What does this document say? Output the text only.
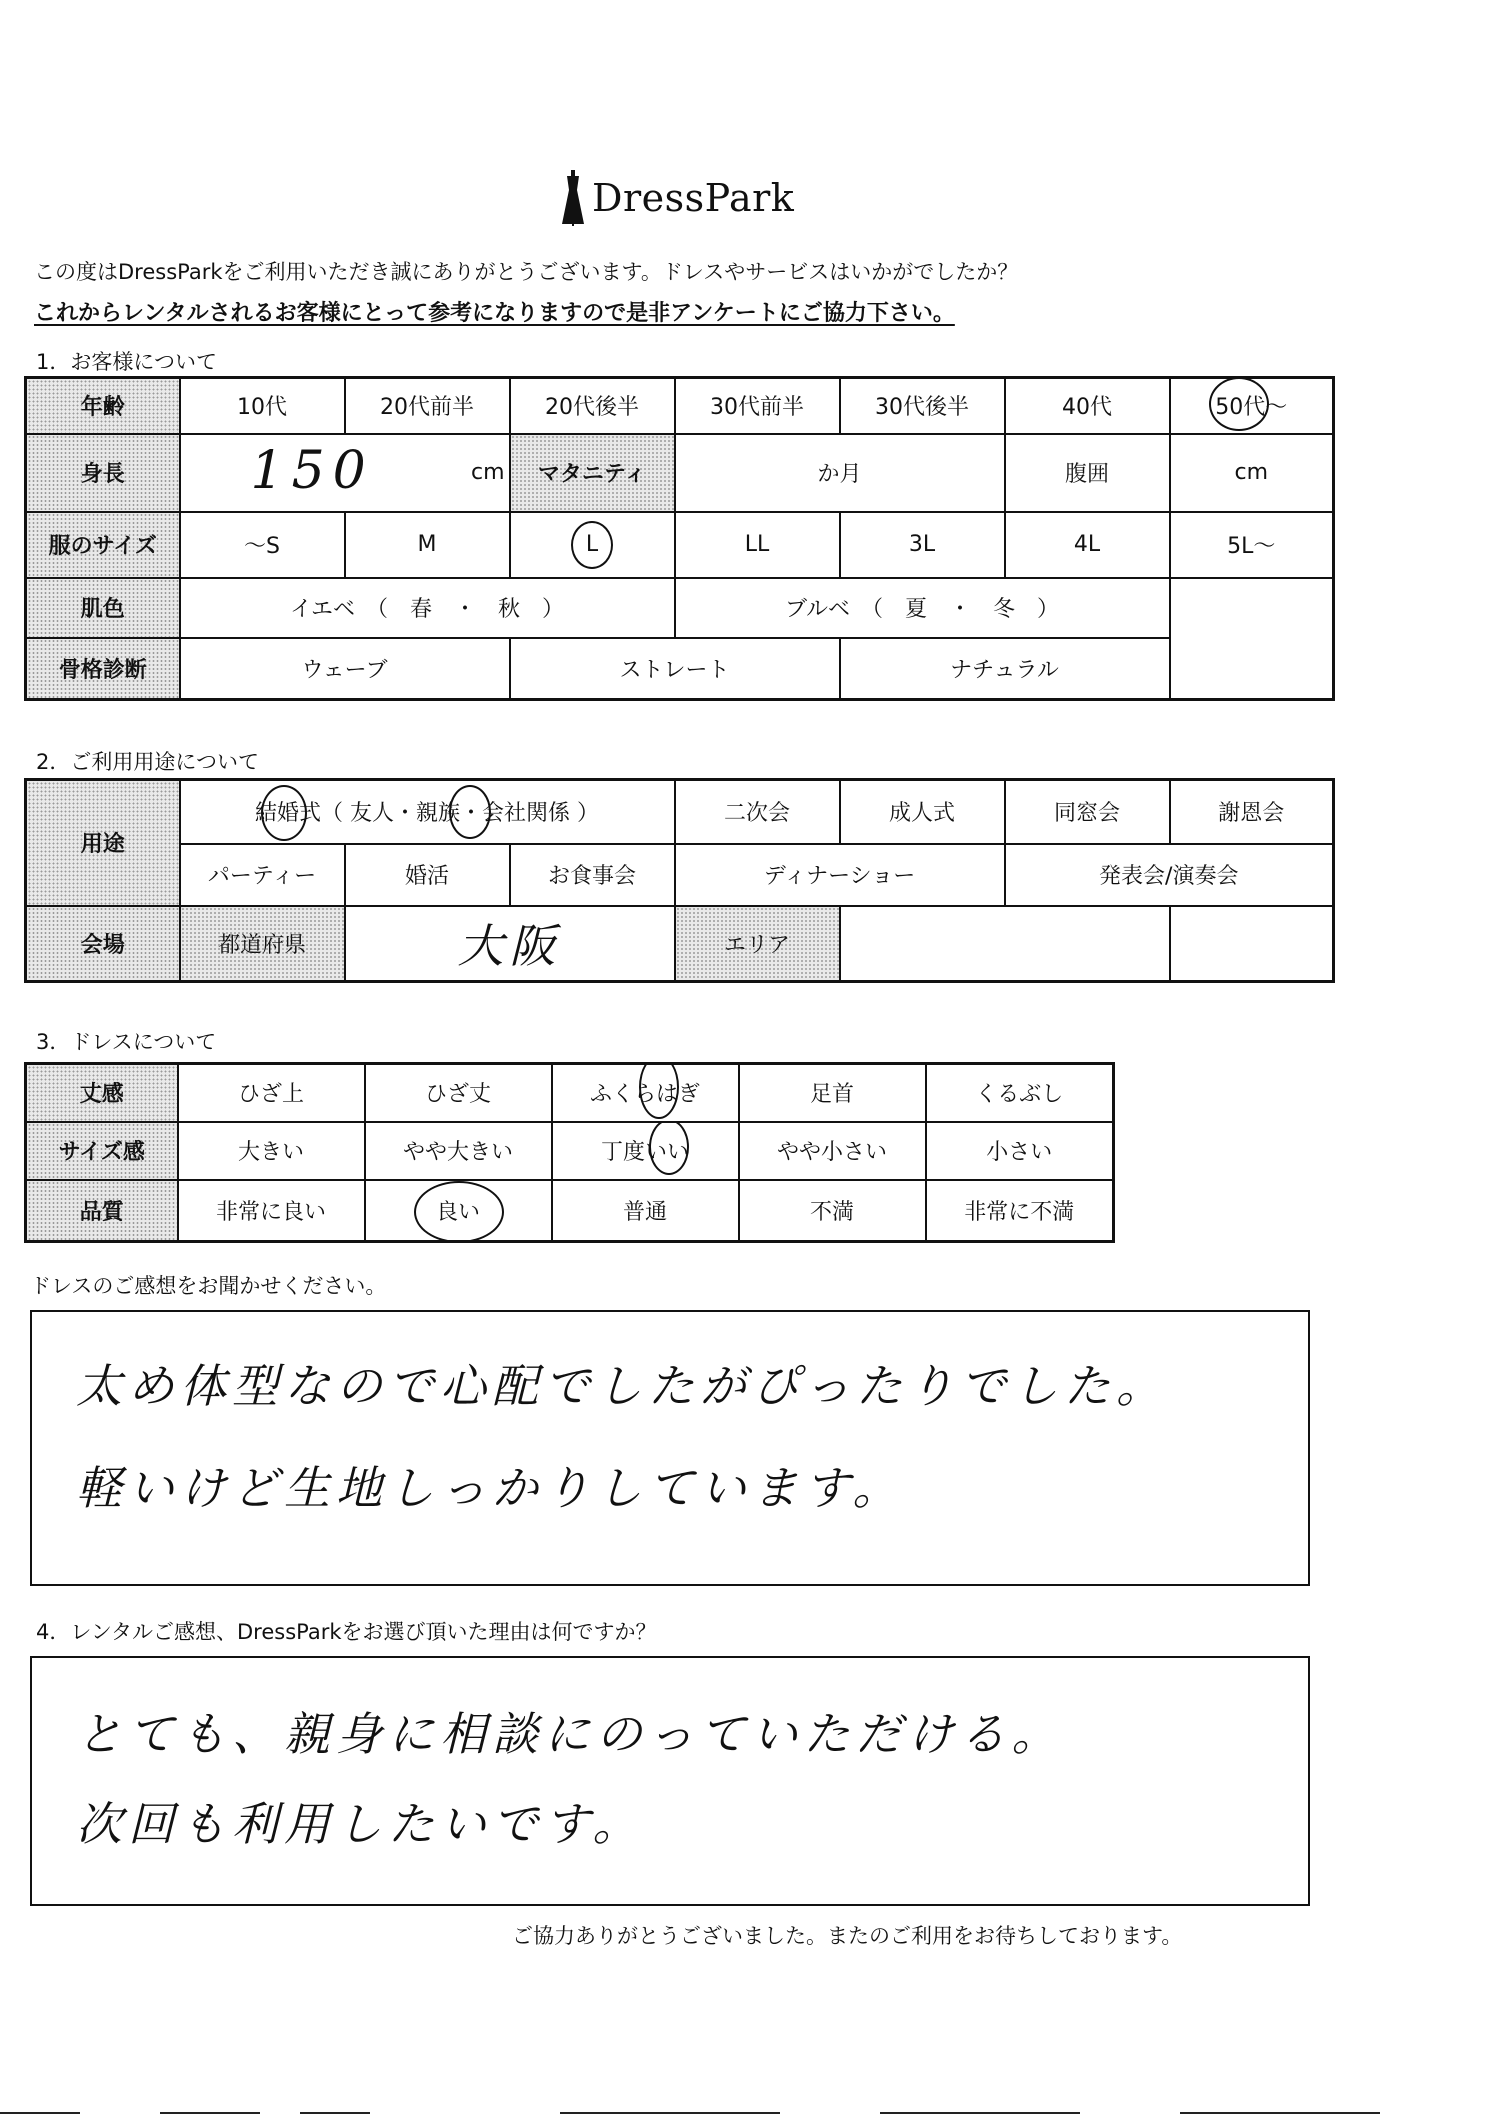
DressPark
この度はDressParkをご利用いただき誠にありがとうございます。ドレスやサービスはいかがでしたか？
これからレンタルされるお客様にとって参考になりますので是非アンケートにご協力下さい。
1．お客様について
年齢	10代	20代前半	20代後半	30代前半	30代後半	40代	50代～

身長	150 cm		マタニティ	か月		腹囲	cm
服のサイズ	～S	M	L	LL	3L	4L	5L～
肌色	イエベ　（　春　・　秋　）			ブルベ　（　夏　・　冬　）			
骨格診断	ウェーブ		ストレート		ナチュラル		
2．ご利用用途について
用途	結婚式（ 友人・親族・会社関係 ）			二次会	成人式	同窓会	謝恩会
	パーティー	婚活	お食事会	ディナーショー		発表会/演奏会	
会場	都道府県	大阪		エリア			
3．ドレスについて
丈感	ひざ上	ひざ丈	ふくらはぎ	足首	くるぶし
サイズ感	大きい	やや大きい	丁度いい	やや小さい	小さい
品質	非常に良い	良い	普通	不満	非常に不満
ドレスのご感想をお聞かせください。
太め体型なので心配でしたがぴったりでした。
軽いけど生地しっかりしています。
4．レンタルご感想、DressParkをお選び頂いた理由は何ですか？
とても、親身に相談にのっていただける。
次回も利用したいです。
ご協力ありがとうございました。またのご利用をお待ちしております。
